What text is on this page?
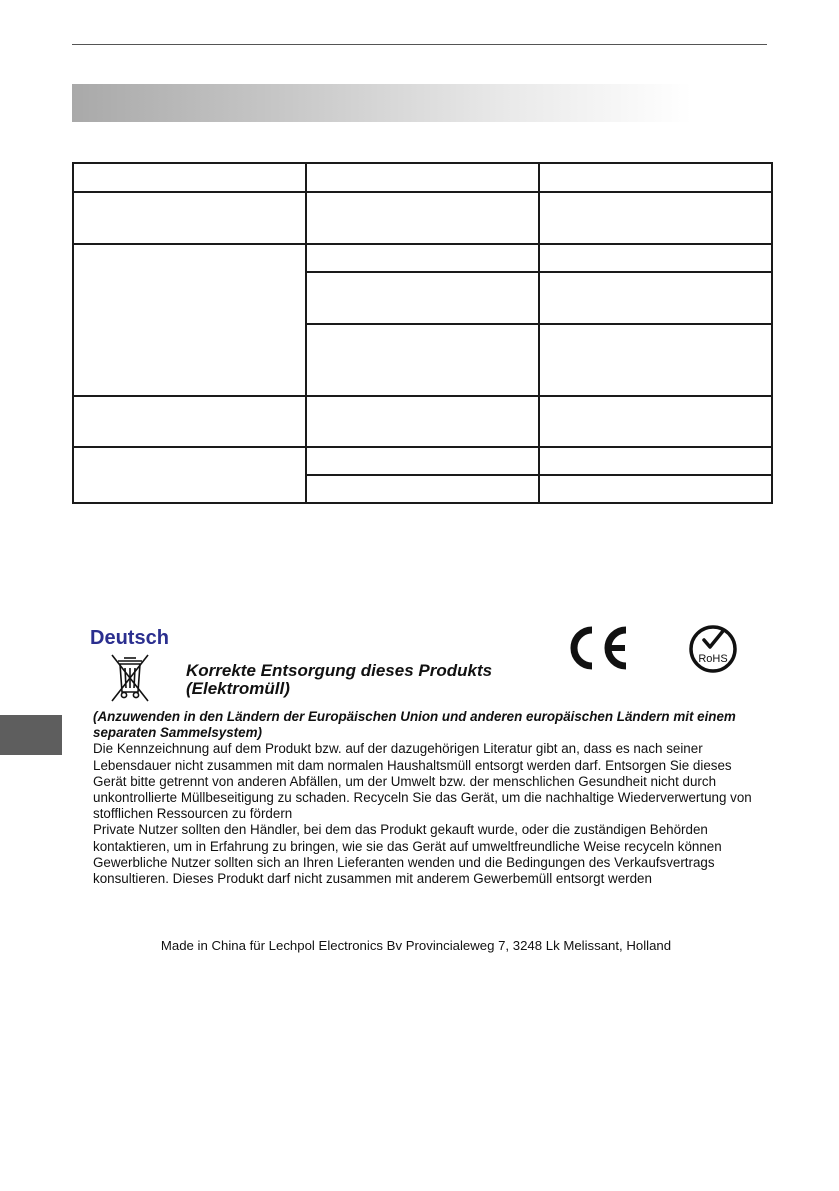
Deutsch
Korrekte Entsorgung dieses Produkts
(Elektromüll)
RoHS

(Anzuwenden in den Ländern der Europäischen Union und anderen europäischen Ländern mit einem separaten Sammelsystem)

Die Kennzeichnung auf dem Produkt bzw. auf der dazugehörigen Literatur gibt an, dass es nach seiner Lebensdauer nicht zusammen mit dam normalen Haushaltsmüll entsorgt werden darf. Entsorgen Sie dieses Gerät bitte getrennt von anderen Abfällen, um der Umwelt bzw. der menschlichen Gesundheit nicht durch unkontrollierte Müllbeseitigung zu schaden. Recyceln Sie das Gerät, um die nachhaltige Wiederverwertung von stofflichen Ressourcen zu fördern

Private Nutzer sollten den Händler, bei dem das Produkt gekauft wurde, oder die zuständigen Behörden kontaktieren, um in Erfahrung zu bringen, wie sie das Gerät auf umweltfreundliche Weise recyceln können

Gewerbliche Nutzer sollten sich an Ihren Lieferanten wenden und die Bedingungen des Verkaufsvertrags konsultieren. Dieses Produkt darf nicht zusammen mit anderem Gewerbemüll entsorgt werden

Made in China für Lechpol Electronics Bv Provincialeweg 7, 3248 Lk Melissant, Holland
